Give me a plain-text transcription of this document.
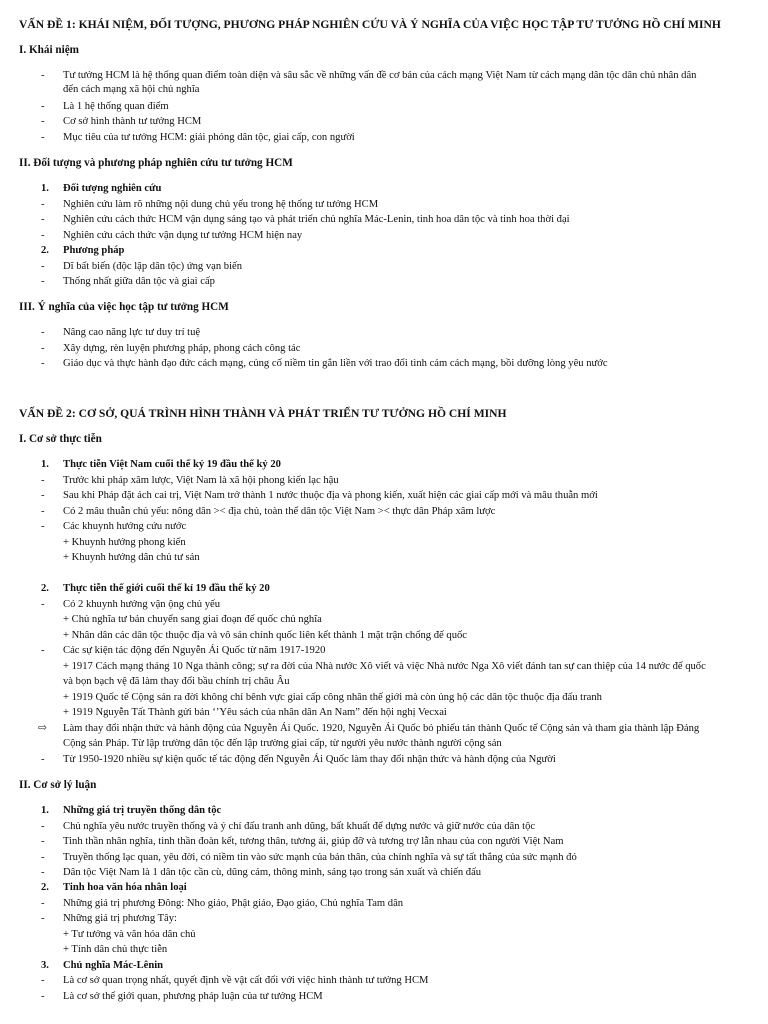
VẤN ĐỀ 1: KHÁI NIỆM, ĐỐI TƯỢNG, PHƯƠNG PHÁP NGHIÊN CỨU VÀ Ý NGHĨA CỦA VIỆC HỌC TẬP TƯ TƯỞNG HỒ CHÍ MINH
I. Khái niệm
- Tư tưởng HCM là hệ thống quan điểm toàn diện và sâu sắc về những vấn đề cơ bản của cách mạng Việt Nam từ cách mạng dân tộc dân chủ nhân dân
đến cách mạng xã hội chủ nghĩa
- Là 1 hệ thống quan điểm
- Cơ sở hình thành tư tưởng HCM
- Mục tiêu của tư tưởng HCM: giải phóng dân tộc, giai cấp, con người
II. Đối tượng và phương pháp nghiên cứu tư tưởng HCM
1. Đối tượng nghiên cứu
- Nghiên cứu làm rõ những nội dung chủ yếu trong hệ thống tư tưởng HCM
- Nghiên cứu cách thức HCM vận dụng sáng tạo và phát triển chủ nghĩa Mác-Lenin, tinh hoa dân tộc và tinh hoa thời đại
- Nghiên cứu cách thức vận dụng tư tưởng HCM hiện nay
2. Phương pháp
- Dĩ bất biến (độc lập dân tộc) ứng vạn biến
- Thống nhất giữa dân tộc và giai cấp
III. Ý nghĩa của việc học tập tư tưởng HCM
- Nâng cao năng lực tư duy trí tuệ
- Xây dựng, rèn luyện phương pháp, phong cách công tác
- Giáo dục và thực hành đạo đức cách mạng, củng cố niềm tin gắn liền với trao đổi tình cảm cách mạng, bồi dưỡng lòng yêu nước
VẤN ĐỀ 2: CƠ SỞ, QUÁ TRÌNH HÌNH THÀNH VÀ PHÁT TRIỂN TƯ TƯỞNG HỒ CHÍ MINH
I. Cơ sở thực tiễn
1. Thực tiễn Việt Nam cuối thế kỷ 19 đầu thế kỷ 20
- Trước khi pháp xâm lược, Việt Nam là xã hội phong kiến lạc hậu
- Sau khi Pháp đặt ách cai trị, Việt Nam trở thành 1 nước thuộc địa và phong kiến, xuất hiện các giai cấp mới và mâu thuẫn mới
- Có 2 mâu thuẫn chủ yếu: nông dân >< địa chủ, toàn thể dân tộc Việt Nam >< thực dân Pháp xâm lược
- Các khuynh hướng cứu nước
+ Khuynh hướng phong kiến
+ Khuynh hướng dân chủ tư sản
2. Thực tiễn thế giới cuối thế kỉ 19 đầu thế kỷ 20
- Có 2 khuynh hướng vận ộng chủ yếu
+ Chủ nghĩa tư bản chuyển sang giai đoạn đế quốc chủ nghĩa
+ Nhân dân các dân tộc thuộc địa và vô sản chính quốc liên kết thành 1 mặt trận chống đế quốc
- Các sự kiện tác động đến Nguyễn Ái Quốc từ năm 1917-1920
+ 1917 Cách mạng tháng 10 Nga thành công; sự ra đời của Nhà nước Xô viết và việc Nhà nước Nga Xô viết đánh tan sự can thiệp của 14 nước đế quốc
và bọn bạch vệ đã làm thay đổi bầu chính trị châu Âu
+ 1919 Quốc tế Cộng sản ra đời không chỉ bênh vực giai cấp công nhân thế giới mà còn ủng hộ các dân tộc thuộc địa đấu tranh
+ 1919 Nguyễn Tất Thành gửi bản ‘’Yêu sách của nhân dân An Nam” đến hội nghị Vecxai
⇨ Làm thay đổi nhận thức và hành động của Nguyễn Ái Quốc. 1920, Nguyễn Ái Quốc bỏ phiếu tán thành Quốc tế Cộng sản và tham gia thành lập Đảng
Cộng sản Pháp. Từ lập trường dân tộc đến lập trường giai cấp, từ người yêu nước thành người cộng sản
- Từ 1950-1920 nhiều sự kiện quốc tế tác động đến Nguyễn Ái Quốc làm thay đổi nhận thức và hành động của Người
II. Cơ sở lý luận
1. Những giá trị truyền thống dân tộc
- Chủ nghĩa yêu nước truyền thống và ý chí đấu tranh anh dũng, bất khuất để dựng nước và giữ nước của dân tộc
- Tinh thần nhân nghĩa, tinh thần đoàn kết, tương thân, tương ái, giúp đỡ và tương trợ lẫn nhau của con người Việt Nam
- Truyền thống lạc quan, yêu đời, có niềm tin vào sức mạnh của bản thân, của chính nghĩa và sự tất thắng của sức mạnh đó
- Dân tộc Việt Nam là 1 dân tộc cần cù, dũng cảm, thông minh, sáng tạo trong sản xuất và chiến đấu
2. Tinh hoa văn hóa nhân loại
- Những giá trị phương Đông: Nho giáo, Phật giáo, Đạo giáo, Chủ nghĩa Tam dân
- Những giá trị phương Tây:
+ Tư tưởng và văn hóa dân chủ
+ Tính dân chủ thực tiễn
3. Chủ nghĩa Mác-Lênin
- Là cơ sở quan trọng nhất, quyết định về vật cất đối với việc hình thành tư tưởng HCM
- Là cơ sở thế giới quan, phương pháp luận của tư tưởng HCM
